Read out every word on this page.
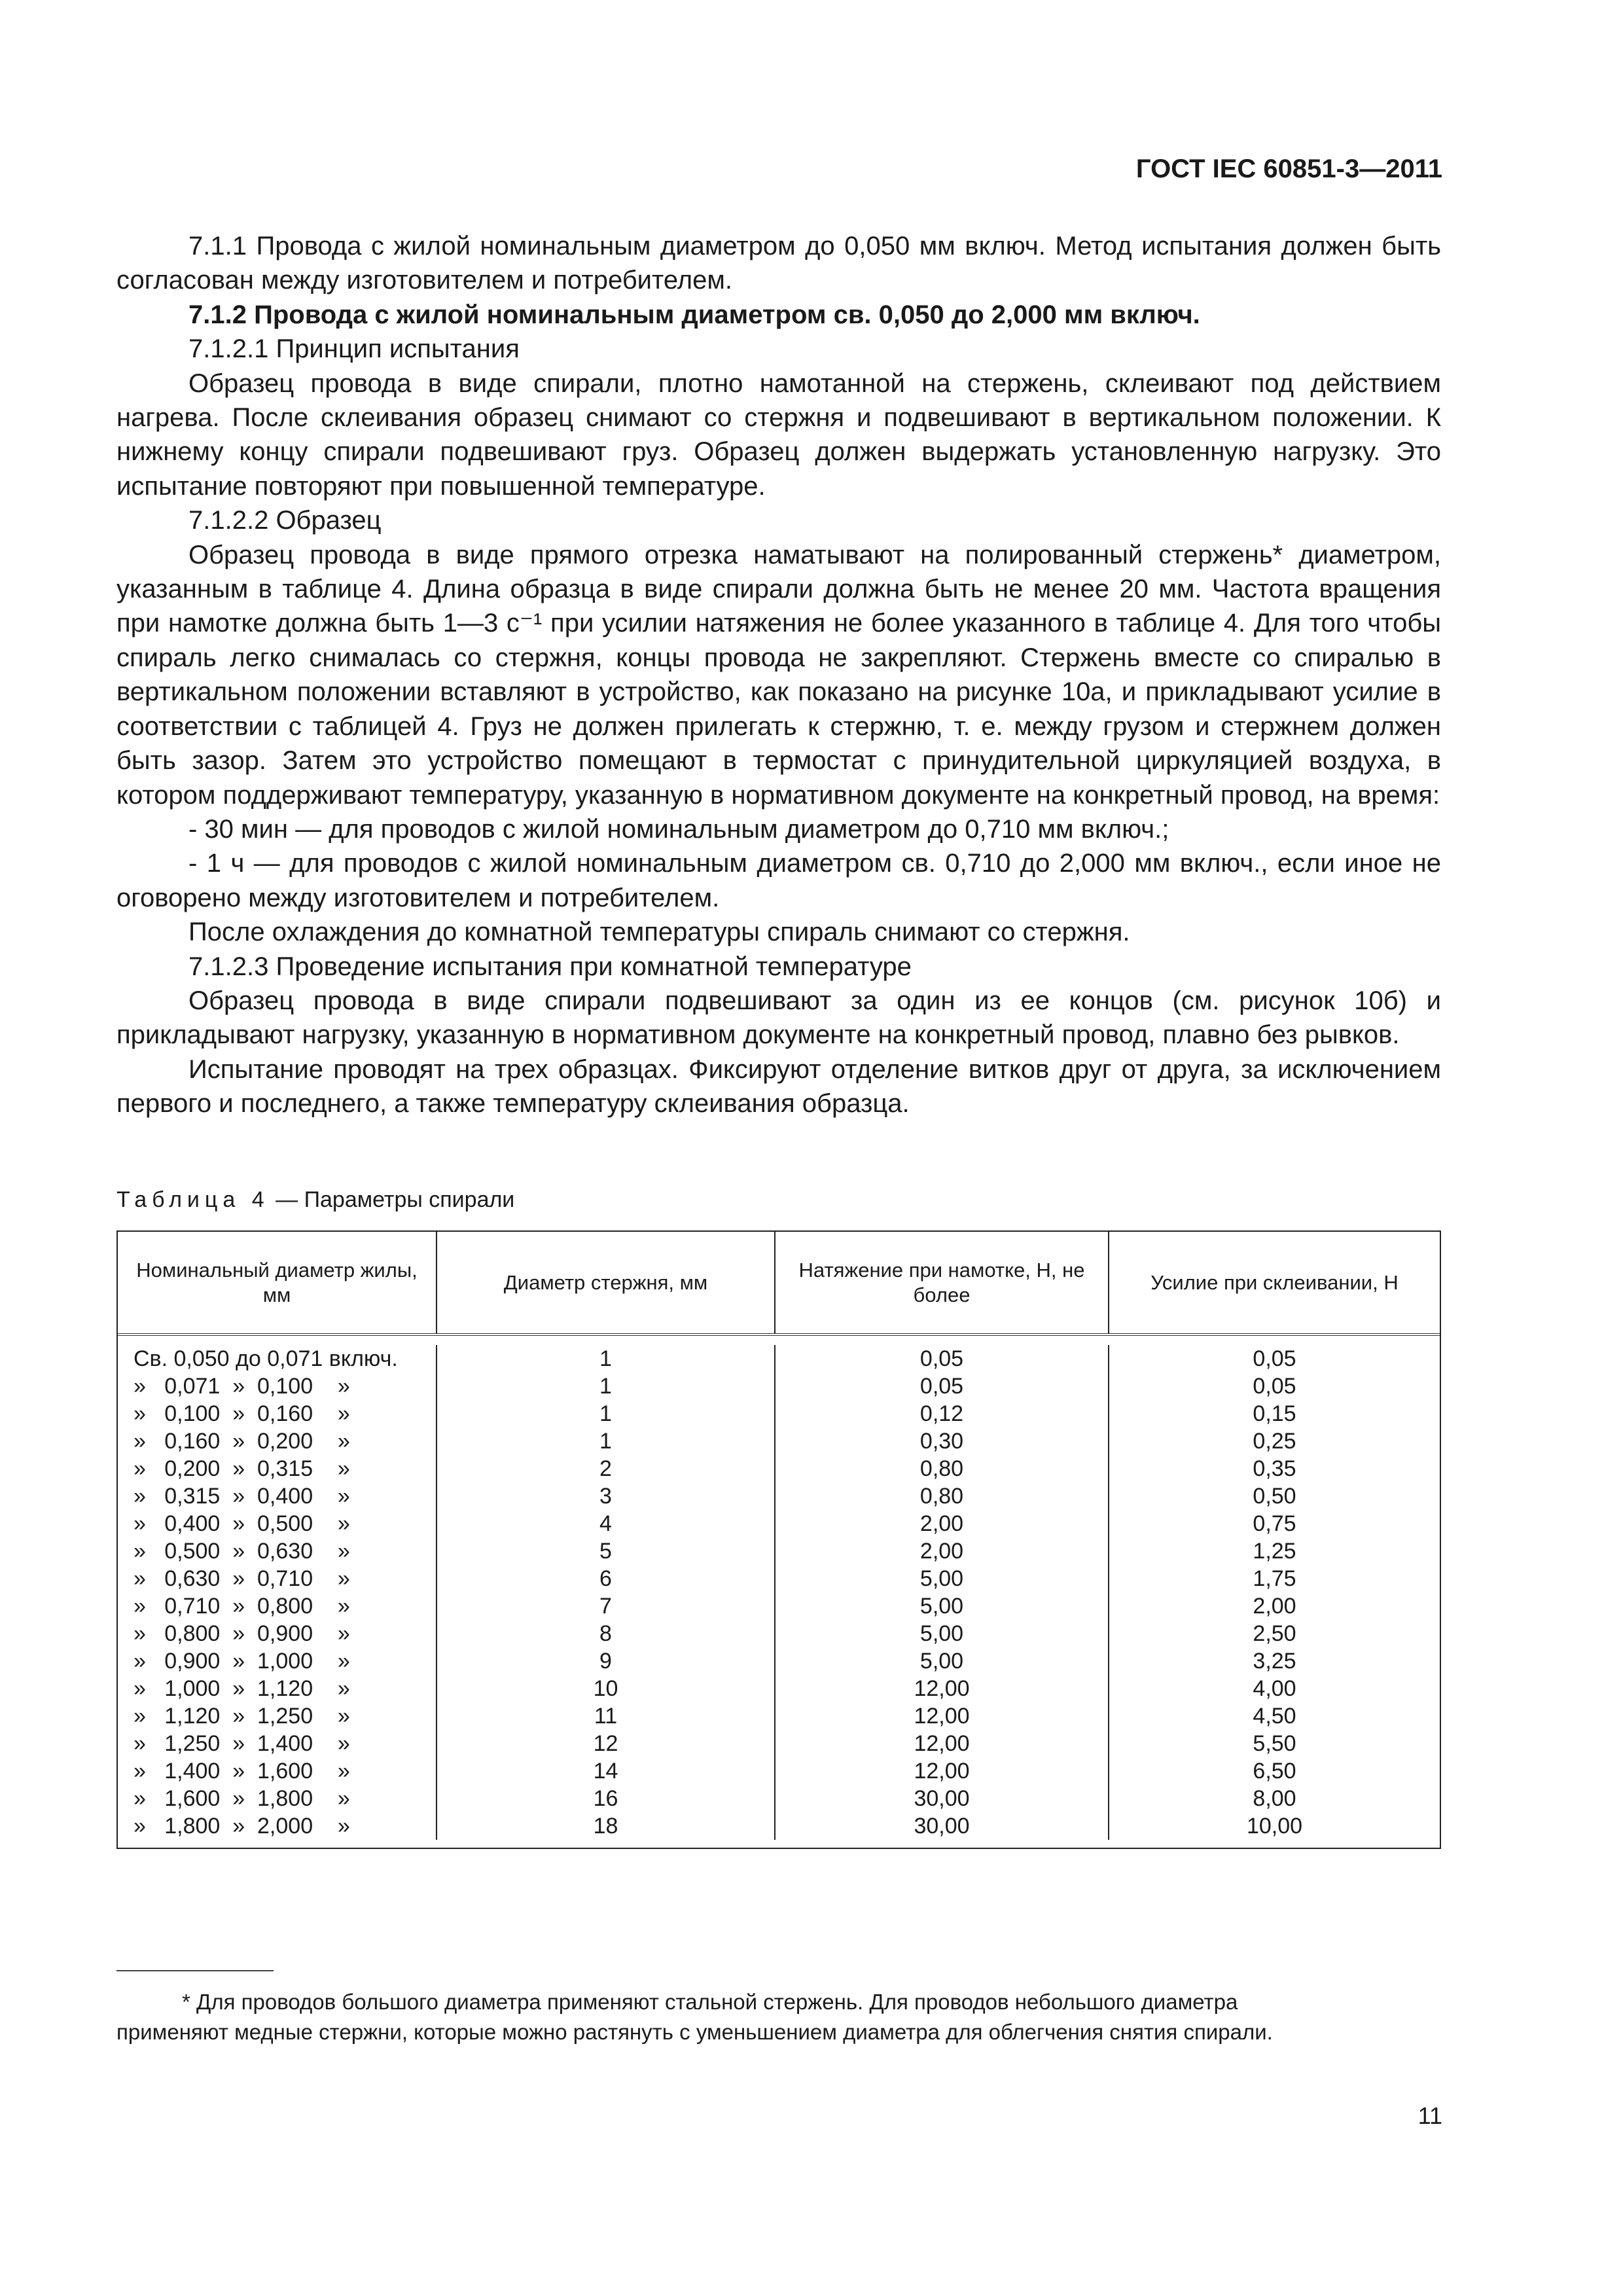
ГОСТ IEC 60851-3—2011

7.1.1 Провода с жилой номинальным диаметром до 0,050 мм включ. Метод испытания должен быть согласован между изготовителем и потребителем.

7.1.2 Провода с жилой номинальным диаметром св. 0,050 до 2,000 мм включ.

7.1.2.1 Принцип испытания

Образец провода в виде спирали, плотно намотанной на стержень, склеивают под действием нагрева. После склеивания образец снимают со стержня и подвешивают в вертикальном положении. К нижнему концу спирали подвешивают груз. Образец должен выдержать установленную нагрузку. Это испытание повторяют при повышенной температуре.

7.1.2.2 Образец

Образец провода в виде прямого отрезка наматывают на полированный стержень* диаметром, указанным в таблице 4. Длина образца в виде спирали должна быть не менее 20 мм. Частота вращения при намотке должна быть 1—3 с⁻¹ при усилии натяжения не более указанного в таблице 4. Для того чтобы спираль легко снималась со стержня, концы провода не закрепляют. Стержень вместе со спиралью в вертикальном положении вставляют в устройство, как показано на рисунке 10а, и прикладывают усилие в соответствии с таблицей 4. Груз не должен прилегать к стержню, т. е. между грузом и стержнем должен быть зазор. Затем это устройство помещают в термостат с принудительной циркуляцией воздуха, в котором поддерживают температуру, указанную в нормативном документе на конкретный провод, на время:

- 30 мин — для проводов с жилой номинальным диаметром до 0,710 мм включ.;

- 1 ч — для проводов с жилой номинальным диаметром св. 0,710 до 2,000 мм включ., если иное не оговорено между изготовителем и потребителем.

После охлаждения до комнатной температуры спираль снимают со стержня.

7.1.2.3 Проведение испытания при комнатной температуре

Образец провода в виде спирали подвешивают за один из ее концов (см. рисунок 10б) и прикладывают нагрузку, указанную в нормативном документе на конкретный провод, плавно без рывков.

Испытание проводят на трех образцах. Фиксируют отделение витков друг от друга, за исключением первого и последнего, а также температуру склеивания образца.

Таблица 4 — Параметры спирали
Номинальный диаметр жилы, мм
Диаметр стержня, мм
Натяжение при намотке, Н, не более
Усилие при склеивании, Н
Св. 0,050 до 0,071 включ.
»   0,071  »  0,100    »
»   0,100  »  0,160    »
»   0,160  »  0,200    »
»   0,200  »  0,315    »
»   0,315  »  0,400    »
»   0,400  »  0,500    »
»   0,500  »  0,630    »
»   0,630  »  0,710    »
»   0,710  »  0,800    »
»   0,800  »  0,900    »
»   0,900  »  1,000    »
»   1,000  »  1,120    »
»   1,120  »  1,250    »
»   1,250  »  1,400    »
»   1,400  »  1,600    »
»   1,600  »  1,800    »
»   1,800  »  2,000    »
1
1
1
1
2
3
4
5
6
7
8
9
10
11
12
14
16
18
0,05
0,05
0,12
0,30
0,80
0,80
2,00
2,00
5,00
5,00
5,00
5,00
12,00
12,00
12,00
12,00
30,00
30,00
0,05
0,05
0,15
0,25
0,35
0,50
0,75
1,25
1,75
2,00
2,50
3,25
4,00
4,50
5,50
6,50
8,00
10,00
* Для проводов большого диаметра применяют стальной стержень. Для проводов небольшого диаметра
применяют медные стержни, которые можно растянуть с уменьшением диаметра для облегчения снятия спирали.
11
